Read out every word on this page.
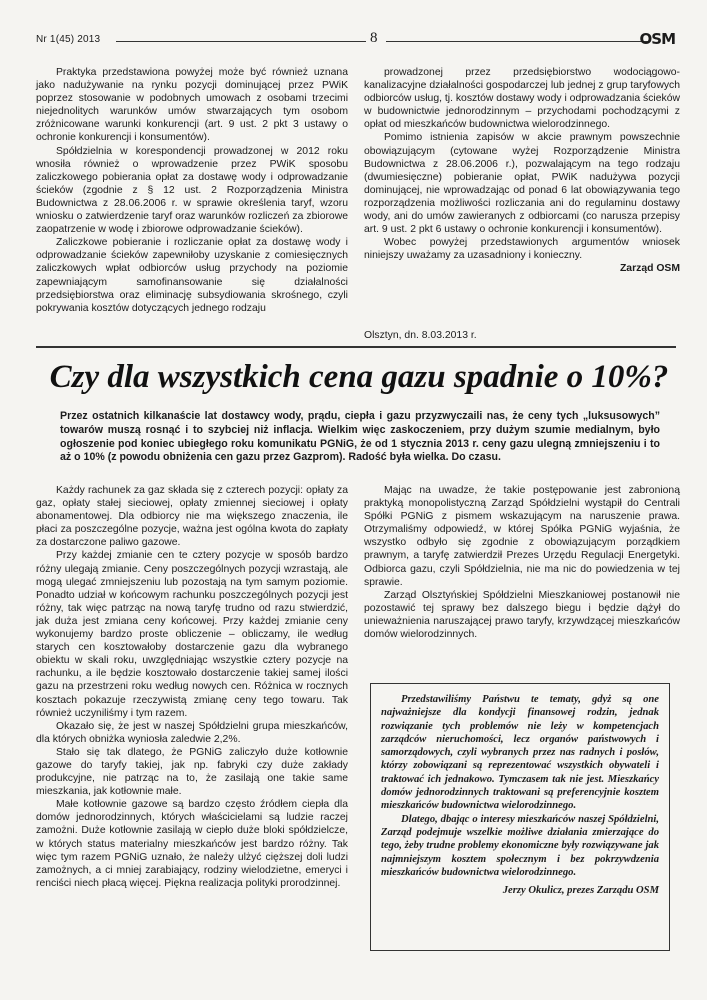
Nr 1(45) 2013	8	OSM

Praktyka przedstawiona powyżej może być również uznana jako nadużywanie na rynku pozycji dominującej przez PWiK poprzez stosowanie w podobnych umowach z osobami trzecimi niejednolitych warunków umów stwarzających tym osobom zróżnicowane warunki konkurencji (art. 9 ust. 2 pkt 3 ustawy o ochronie konkurencji i konsumentów).

Spółdzielnia w korespondencji prowadzonej w 2012 roku wnosiła również o wprowadzenie przez PWiK sposobu zaliczkowego pobierania opłat za dostawę wody i odprowadzanie ścieków (zgodnie z § 12 ust. 2 Rozporządzenia Ministra Budownictwa z 28.06.2006 r. w sprawie określenia taryf, wzoru wniosku o zatwierdzenie taryf oraz warunków rozliczeń za zbiorowe zaopatrzenie w wodę i zbiorowe odprowadzanie ścieków).

Zaliczkowe pobieranie i rozliczanie opłat za dostawę wody i odprowadzanie ścieków zapewniłoby uzyskanie z comiesięcznych zaliczkowych wpłat odbiorców usług przychody na poziomie zapewniającym samofinansowanie się działalności przedsiębiorstwa oraz eliminację subsydiowania skrośnego, czyli pokrywania kosztów dotyczących jednego rodzaju

prowadzonej przez przedsiębiorstwo wodociągowo-kanalizacyjne działalności gospodarczej lub jednej z grup taryfowych odbiorców usług, tj. kosztów dostawy wody i odprowadzania ścieków w budownictwie jednorodzinnym – przychodami pochodzącymi z opłat od mieszkańców budownictwa wielorodzinnego.

Pomimo istnienia zapisów w akcie prawnym powszechnie obowiązującym (cytowane wyżej Rozporządzenie Ministra Budownictwa z 28.06.2006 r.), pozwalającym na tego rodzaju (dwumiesięczne) pobieranie opłat, PWiK nadużywa pozycji dominującej, nie wprowadzając od ponad 6 lat obowiązywania tego rozporządzenia możliwości rozliczania ani do regulaminu dostawy wody, ani do umów zawieranych z odbiorcami (co narusza przepisy art. 9 ust. 2 pkt 6 ustawy o ochronie konkurencji i konsumentów).

Wobec powyżej przedstawionych argumentów wniosek niniejszy uważamy za uzasadniony i konieczny.

Zarząd OSM

Olsztyn, dn. 8.03.2013 r.
Czy dla wszystkich cena gazu spadnie o 10%?
Przez ostatnich kilkanaście lat dostawcy wody, prądu, ciepła i gazu przyzwyczaili nas, że ceny tych „luksusowych” towarów muszą rosnąć i to szybciej niż inflacja. Wielkim więc zaskoczeniem, przy dużym szumie medialnym, było ogłoszenie pod koniec ubiegłego roku komunikatu PGNiG, że od 1 stycznia 2013 r. ceny gazu ulegną zmniejszeniu i to aż o 10% (z powodu obniżenia cen gazu przez Gazprom). Radość była wielka. Do czasu.

Każdy rachunek za gaz składa się z czterech pozycji: opłaty za gaz, opłaty stałej sieciowej, opłaty zmiennej sieciowej i opłaty abonamentowej. Dla odbiorcy nie ma większego znaczenia, ile płaci za poszczególne pozycje, ważna jest ogólna kwota do zapłaty za dostarczone paliwo gazowe.

Przy każdej zmianie cen te cztery pozycje w sposób bardzo różny ulegają zmianie. Ceny poszczególnych pozycji wzrastają, ale mogą ulegać zmniejszeniu lub pozostają na tym samym poziomie. Ponadto udział w końcowym rachunku poszczególnych pozycji jest różny, tak więc patrząc na nową taryfę trudno od razu stwierdzić, jak duża jest zmiana ceny końcowej. Przy każdej zmianie ceny wykonujemy bardzo proste obliczenie – obliczamy, ile według starych cen kosztowałoby dostarczenie gazu dla wybranego obiektu w skali roku, uwzględniając wszystkie cztery pozycje na rachunku, a ile będzie kosztowało dostarczenie takiej samej ilości gazu na przestrzeni roku według nowych cen. Różnica w rocznych kosztach pokazuje rzeczywistą zmianę ceny tego towaru. Tak również uczyniliśmy i tym razem.

Okazało się, że jest w naszej Spółdzielni grupa mieszkańców, dla których obniżka wyniosła zaledwie 2,2%.

Stało się tak dlatego, że PGNiG zaliczyło duże kotłownie gazowe do taryfy takiej, jak np. fabryki czy duże zakłady produkcyjne, nie patrząc na to, że zasilają one takie same mieszkania, jak kotłownie małe.

Małe kotłownie gazowe są bardzo często źródłem ciepła dla domów jednorodzinnych, których właścicielami są ludzie raczej zamożni. Duże kotłownie zasilają w ciepło duże bloki spółdzielcze, w których status materialny mieszkańców jest bardzo różny. Tak więc tym razem PGNiG uznało, że należy ulżyć cięższej doli ludzi zamożnych, a ci mniej zarabiający, rodziny wielodzietne, emeryci i renciści niech płacą więcej. Piękna realizacja polityki prorodzinnej.

Mając na uwadze, że takie postępowanie jest zabronioną praktyką monopolistyczną Zarząd Spółdzielni wystąpił do Centrali Spółki PGNiG z pismem wskazującym na naruszenie prawa. Otrzymaliśmy odpowiedź, w której Spółka PGNiG wyjaśnia, że wszystko odbyło się zgodnie z obowiązującym porządkiem prawnym, a taryfę zatwierdził Prezes Urzędu Regulacji Energetyki. Odbiorca gazu, czyli Spółdzielnia, nie ma nic do powiedzenia w tej sprawie.

Zarząd Olsztyńskiej Spółdzielni Mieszkaniowej postanowił nie pozostawić tej sprawy bez dalszego biegu i będzie dążył do unieważnienia naruszającej prawo taryfy, krzywdzącej mieszkańców domów wielorodzinnych.

Przedstawiliśmy Państwu te tematy, gdyż są one najważniejsze dla kondycji finansowej rodzin, jednak rozwiązanie tych problemów nie leży w kompetencjach zarządców nieruchomości, lecz organów państwowych i samorządowych, czyli wybranych przez nas radnych i posłów, którzy zobowiązani są reprezentować wszystkich obywateli i traktować ich jednakowo. Tymczasem tak nie jest. Mieszkańcy domów jednorodzinnych traktowani są preferencyjnie kosztem mieszkańców budownictwa wielorodzinnego.

Dlatego, dbając o interesy mieszkańców naszej Spółdzielni, Zarząd podejmuje wszelkie możliwe działania zmierzające do tego, żeby trudne problemy ekonomiczne były rozwiązywane jak najmniejszym kosztem społecznym i bez pokrzywdzenia mieszkańców budownictwa wielorodzinnego.

Jerzy Okulicz, prezes Zarządu OSM
